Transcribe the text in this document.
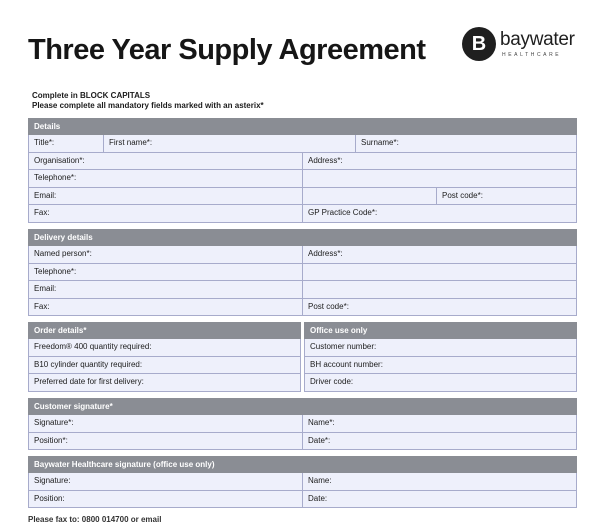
Three Year Supply Agreement	B baywater
HEALTHCARE
Complete in BLOCK CAPITALS
Please complete all mandatory fields marked with an asterix*
Details
Title*:	First name*:	Surname*:
Organisation*:	Address*:
Telephone*:
Email:	Post code*:
Fax:	GP Practice Code*:
Delivery details
Named person*:	Address*:
Telephone*:
Email:
Fax:	Post code*:
Order details*
Freedom® 400 quantity required:
B10 cylinder quantity required:
Preferred date for first delivery:
Office use only
Customer number:
BH account number:
Driver code:
Customer signature*
Signature*:	Name*:
Position*:	Date*:
Baywater Healthcare signature (office use only)
Signature:	Name:
Position:	Date:
Please fax to: 0800 014700 or email
